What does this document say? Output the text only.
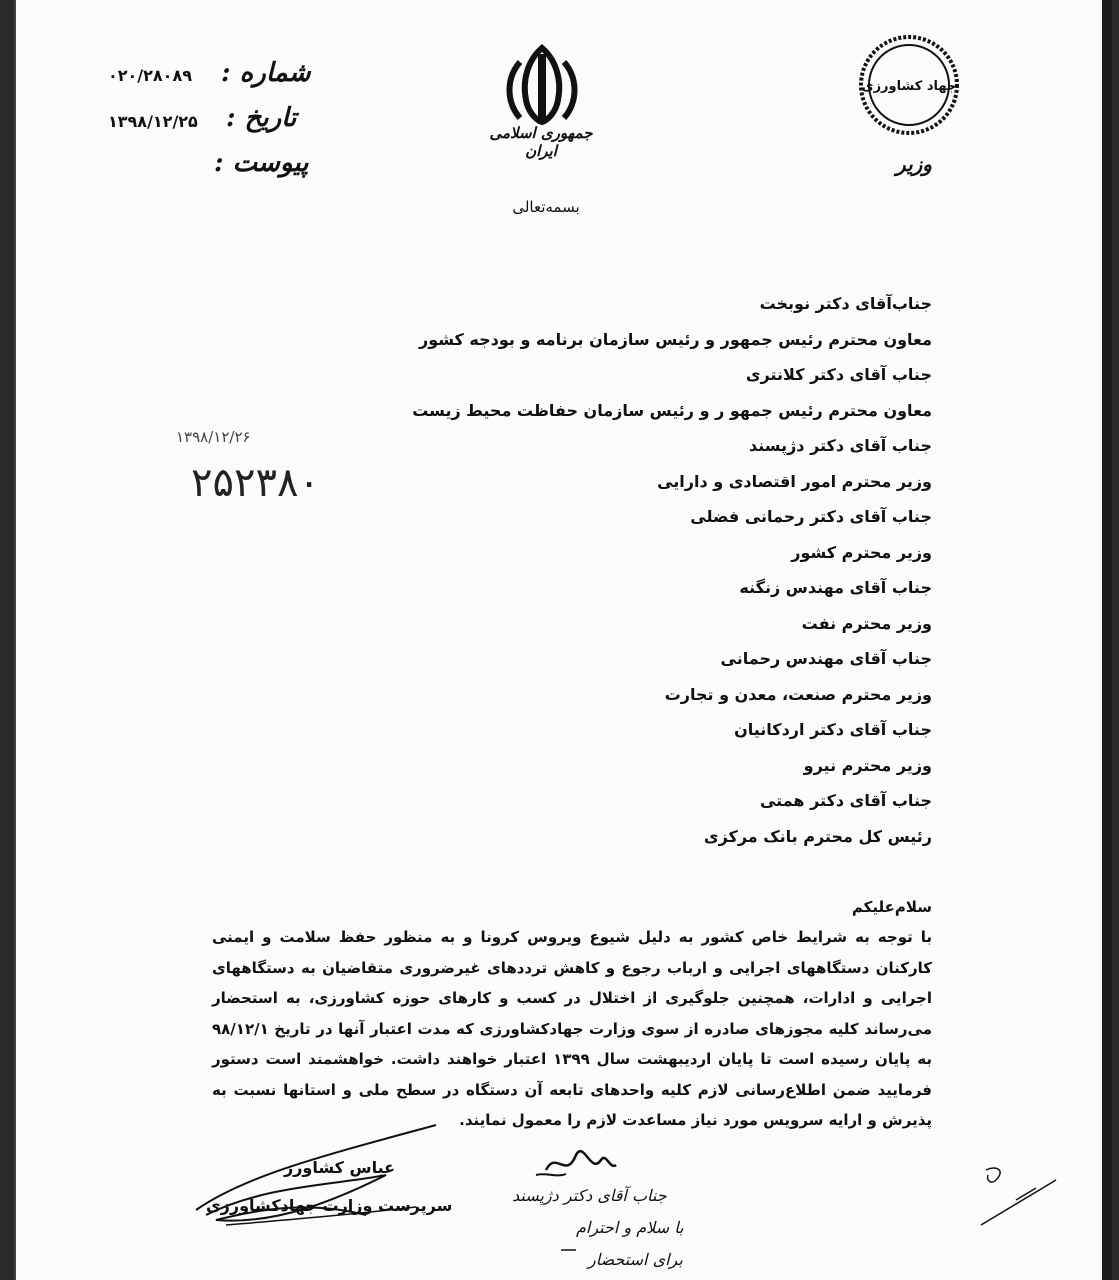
شماره :
۰۲۰/۲۸۰۸۹
تاریخ :
۱۳۹۸/۱۲/۲۵
پیوست :
جمهوری اسلامی ایران
بسمه‌تعالی
جهاد کشاورزی
وزیر
جناب‌آقای دکتر نوبخت
معاون محترم رئیس جمهور و رئیس سازمان برنامه و بودجه کشور
جناب آقای دکتر کلانتری
معاون محترم رئیس جمهو ر و رئیس سازمان حفاظت محیط زیست
جناب آقای دکتر دژپسند
وزیر محترم امور اقتصادی و دارایی
جناب آقای دکتر رحمانی فضلی
وزیر محترم کشور
جناب آقای مهندس زنگنه
وزیر محترم نفت
جناب آقای مهندس رحمانی
وزیر محترم صنعت، معدن و تجارت
جناب آقای دکتر اردکانیان
وزیر محترم نیرو
جناب آقای دکتر همتی
رئیس کل محترم بانک مرکزی
۱۳۹۸/۱۲/۲۶
۲۵۲۳۸۰
سلام‌علیکم

با توجه به شرایط خاص کشور به دلیل شیوع ویروس کرونا و به منظور حفظ سلامت و ایمنی کارکنان دستگاههای اجرایی و ارباب رجوع و کاهش ترددهای غیرضروری متقاضیان به دستگاههای اجرایی و ادارات، همچنین جلوگیری از اختلال در کسب و کارهای حوزه کشاورزی، به استحضار می‌رساند کلیه مجوزهای صادره از سوی وزارت جهادکشاورزی که مدت اعتبار آنها در تاریخ ۹۸/۱۲/۱ به پایان رسیده است تا پایان اردیبهشت سال ۱۳۹۹ اعتبار خواهند داشت. خواهشمند است دستور فرمایید ضمن اطلاع‌رسانی لازم کلیه واحدهای تابعه آن دستگاه در سطح ملی و استانها نسبت به پذیرش و ارایه سرویس مورد نیاز مساعدت لازم را معمول نمایند.

عباس کشاورز
سرپرست وزارت جهادکشاورزی
جناب آقای دکتر دژپسند
با سلام و احترام
برای استحضار
